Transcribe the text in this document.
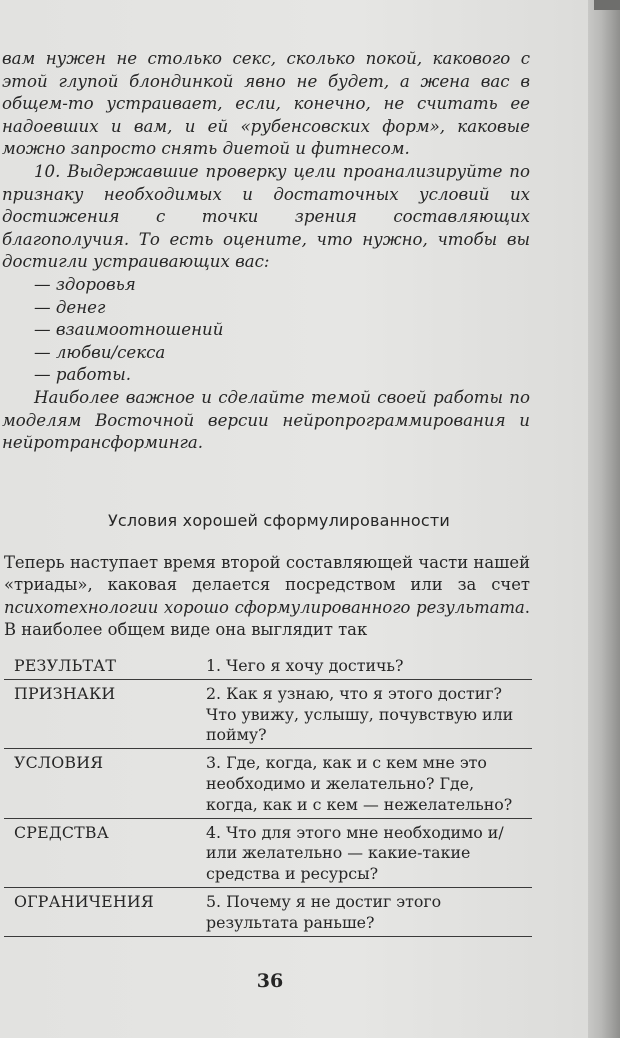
вам нужен не столько секс, сколько покой, каковогo с этой глупой блондинкой явно не будет, а жена вас в общем-то устраивает, если, конечно, не считать ее надоевших и вам, и ей «рубенсовских форм», каковые можно запросто снять диетой и фитнесом.

10. Выдержавшие проверку цели проанализируйте по признаку необходимых и достаточных условий их достижения с точки зрения составляющих благополучия. То есть оцените, что нужно, чтобы вы достигли устраивающих вас:

— здоровья
— денег
— взаимоотношений
— любви/секса
— работы.

Наиболее важное и сделайте темой своей работы по моделям Восточной версии нейропрограммирования и нейротрансформинга.

Условия хорошей сформулированности

Теперь наступает время второй составляющей части нашей «триады», каковая делается посредством или за счет психотехнологии хорошо сформулированного результата. В наиболее общем виде она выглядит так

РЕЗУЛЬТАТ	1. Чего я хочу достичь?
ПРИЗНАКИ	2. Как я узнаю, что я этого достиг? Что увижу, услышу, почувствую или пойму?
УСЛОВИЯ	3. Где, когда, как и с кем мне это необходимо и желательно? Где, когда, как и с кем — нежелательно?
СРЕДСТВА	4. Что для этого мне необходимо и/или желательно — какие-такие средства и ресурсы?
ОГРАНИЧЕНИЯ	5. Почему я не достиг этого результата раньше?
36
